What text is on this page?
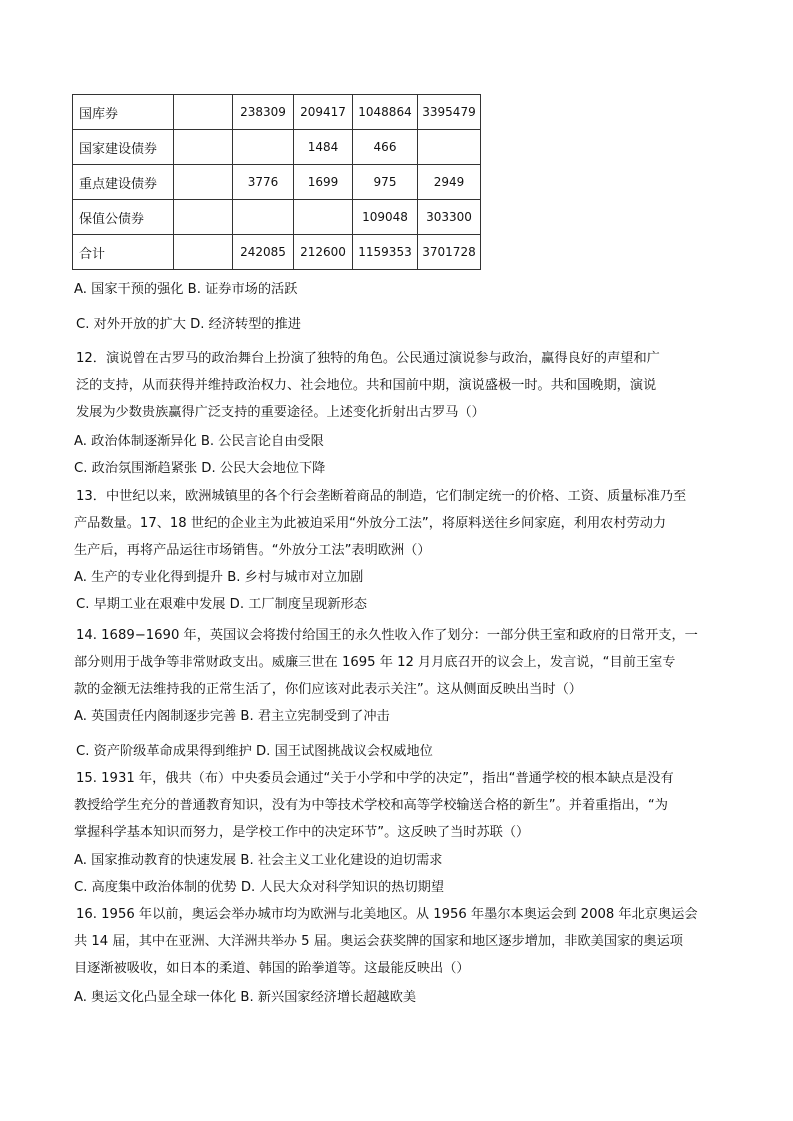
国库券		238309	209417	1048864	3395479
国家建设债券			1484	466	
重点建设债券		3776	1699	975	2949
保值公债券				109048	303300
合计		242085	212600	1159353	3701728
A. 国家干预的强化 B. 证券市场的活跃
C. 对外开放的扩大 D. 经济转型的推进
12．演说曾在古罗马的政治舞台上扮演了独特的角色。公民通过演说参与政治，赢得良好的声望和广
泛的支持，从而获得并维持政治权力、社会地位。共和国前中期，演说盛极一时。共和国晚期，演说
发展为少数贵族赢得广泛支持的重要途径。上述变化折射出古罗马（）
A. 政治体制逐渐异化 B. 公民言论自由受限
C. 政治氛围渐趋紧张 D. 公民大会地位下降
13．中世纪以来，欧洲城镇里的各个行会垄断着商品的制造，它们制定统一的价格、工资、质量标准乃至
产品数量。17、18 世纪的企业主为此被迫采用“外放分工法”，将原料送往乡间家庭，利用农村劳动力
生产后，再将产品运往市场销售。“外放分工法”表明欧洲（）
A. 生产的专业化得到提升 B. 乡村与城市对立加剧
C. 早期工业在艰难中发展 D. 工厂制度呈现新形态
14. 1689−1690 年，英国议会将拨付给国王的永久性收入作了划分：一部分供王室和政府的日常开支，一
部分则用于战争等非常财政支出。威廉三世在 1695 年 12 月月底召开的议会上，发言说，“目前王室专
款的金额无法维持我的正常生活了，你们应该对此表示关注”。这从侧面反映出当时（）
A. 英国责任内阁制逐步完善 B. 君主立宪制受到了冲击
C. 资产阶级革命成果得到维护 D. 国王试图挑战议会权威地位
15. 1931 年，俄共（布）中央委员会通过“关于小学和中学的决定”，指出“普通学校的根本缺点是没有
教授给学生充分的普通教育知识，没有为中等技术学校和高等学校输送合格的新生”。并着重指出，“为
掌握科学基本知识而努力，是学校工作中的决定环节”。这反映了当时苏联（）
A. 国家推动教育的快速发展 B. 社会主义工业化建设的迫切需求
C. 高度集中政治体制的优势 D. 人民大众对科学知识的热切期望
16. 1956 年以前，奥运会举办城市均为欧洲与北美地区。从 1956 年墨尔本奥运会到 2008 年北京奥运会
共 14 届，其中在亚洲、大洋洲共举办 5 届。奥运会获奖牌的国家和地区逐步增加，非欧美国家的奥运项
目逐渐被吸收，如日本的柔道、韩国的跆拳道等。这最能反映出（）
A. 奥运文化凸显全球一体化 B. 新兴国家经济增长超越欧美
